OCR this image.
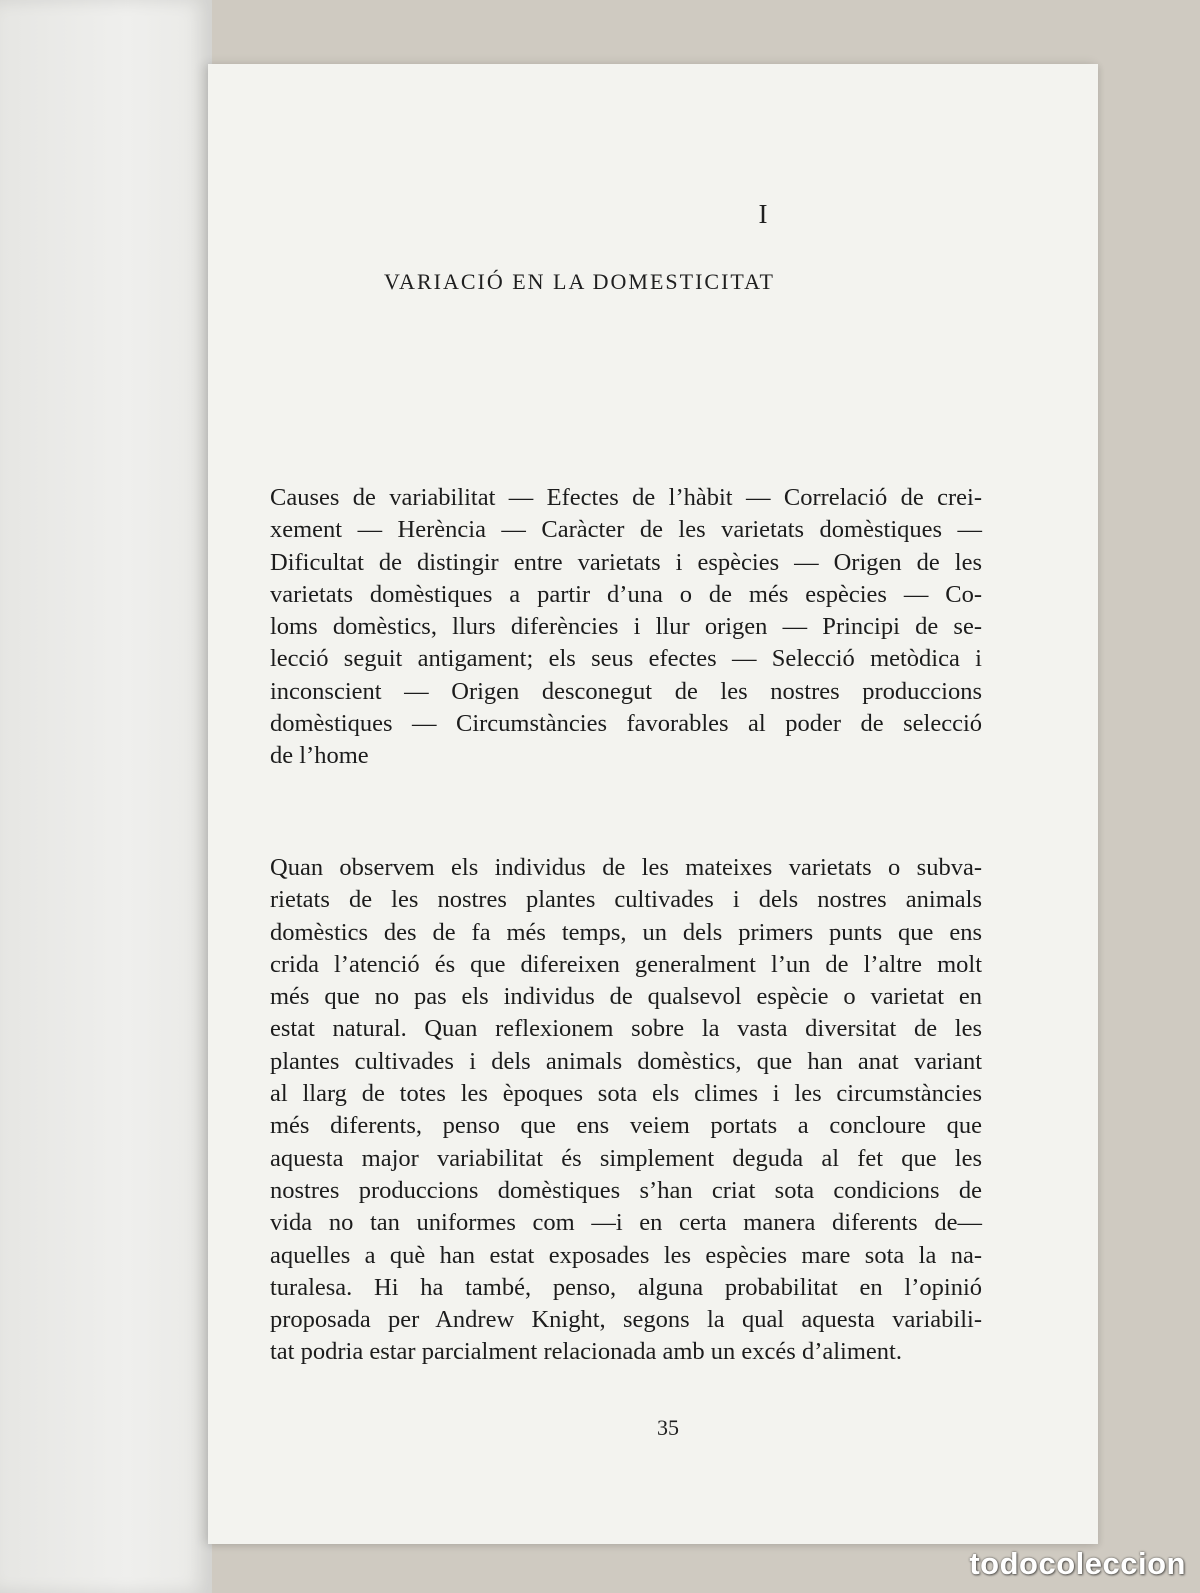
I
VARIACIÓ EN LA DOMESTICITAT
Causes de variabilitat — Efectes de l’hàbit — Correlació de crei-
xement — Herència — Caràcter de les varietats domèstiques —
Dificultat de distingir entre varietats i espècies — Origen de les
varietats domèstiques a partir d’una o de més espècies — Co-
loms domèstics, llurs diferències i llur origen — Principi de se-
lecció seguit antigament; els seus efectes — Selecció metòdica i
inconscient — Origen desconegut de les nostres produccions
domèstiques — Circumstàncies favorables al poder de selecció
de l’home
Quan observem els individus de les mateixes varietats o subva-
rietats de les nostres plantes cultivades i dels nostres animals
domèstics des de fa més temps, un dels primers punts que ens
crida l’atenció és que difereixen generalment l’un de l’altre molt
més que no pas els individus de qualsevol espècie o varietat en
estat natural. Quan reflexionem sobre la vasta diversitat de les
plantes cultivades i dels animals domèstics, que han anat variant
al llarg de totes les èpoques sota els climes i les circumstàncies
més diferents, penso que ens veiem portats a concloure que
aquesta major variabilitat és simplement deguda al fet que les
nostres produccions domèstiques s’han criat sota condicions de
vida no tan uniformes com —i en certa manera diferents de—
aquelles a què han estat exposades les espècies mare sota la na-
turalesa. Hi ha també, penso, alguna probabilitat en l’opinió
proposada per Andrew Knight, segons la qual aquesta variabili-
tat podria estar parcialment relacionada amb un excés d’aliment.
35
todocoleccion
